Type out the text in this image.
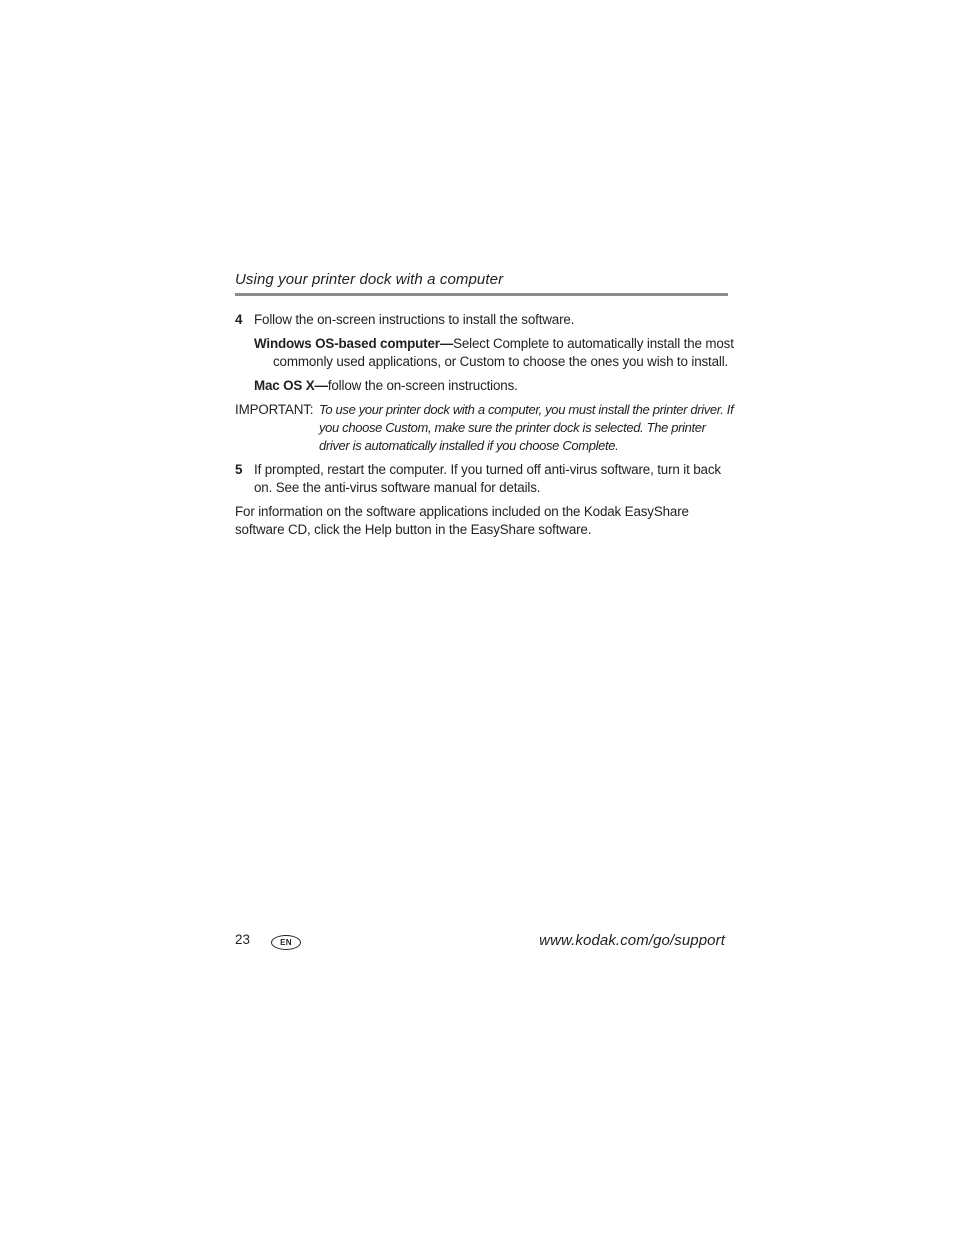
Using your printer dock with a computer
4 Follow the on-screen instructions to install the software.
Windows OS-based computer—Select Complete to automatically install the most commonly used applications, or Custom to choose the ones you wish to install.
Mac OS X—follow the on-screen instructions.
IMPORTANT: To use your printer dock with a computer, you must install the printer driver. If you choose Custom, make sure the printer dock is selected. The printer driver is automatically installed if you choose Complete.
5 If prompted, restart the computer. If you turned off anti-virus software, turn it back on. See the anti-virus software manual for details.
For information on the software applications included on the Kodak EasyShare software CD, click the Help button in the EasyShare software.
23	EN	www.kodak.com/go/support
